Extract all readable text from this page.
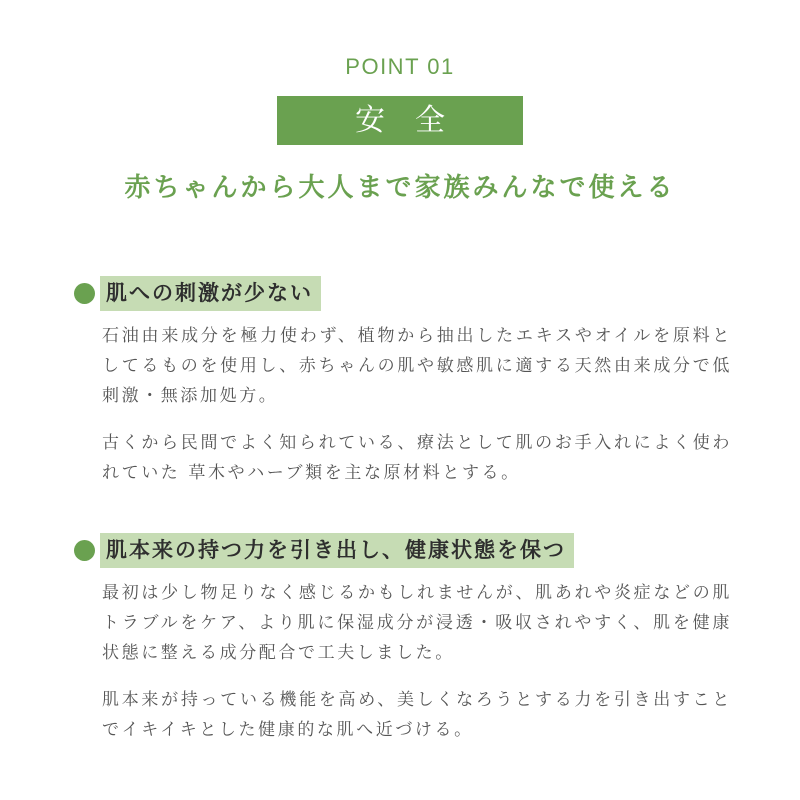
POINT 01
安全
赤ちゃんから大人まで家族みんなで使える
肌への刺激が少ない

石油由来成分を極力使わず、植物から抽出したエキスやオイルを原料としてるものを使用し、赤ちゃんの肌や敏感肌に適する天然由来成分で低刺激・無添加処方。

古くから民間でよく知られている、療法として肌のお手入れによく使われていた 草木やハーブ類を主な原材料とする。

肌本来の持つ力を引き出し、健康状態を保つ

最初は少し物足りなく感じるかもしれませんが、肌あれや炎症などの肌トラブルをケア、より肌に保湿成分が浸透・吸収されやすく、肌を健康状態に整える成分配合で工夫しました。

肌本来が持っている機能を高め、美しくなろうとする力を引き出すこと でイキイキとした健康的な肌へ近づける。
